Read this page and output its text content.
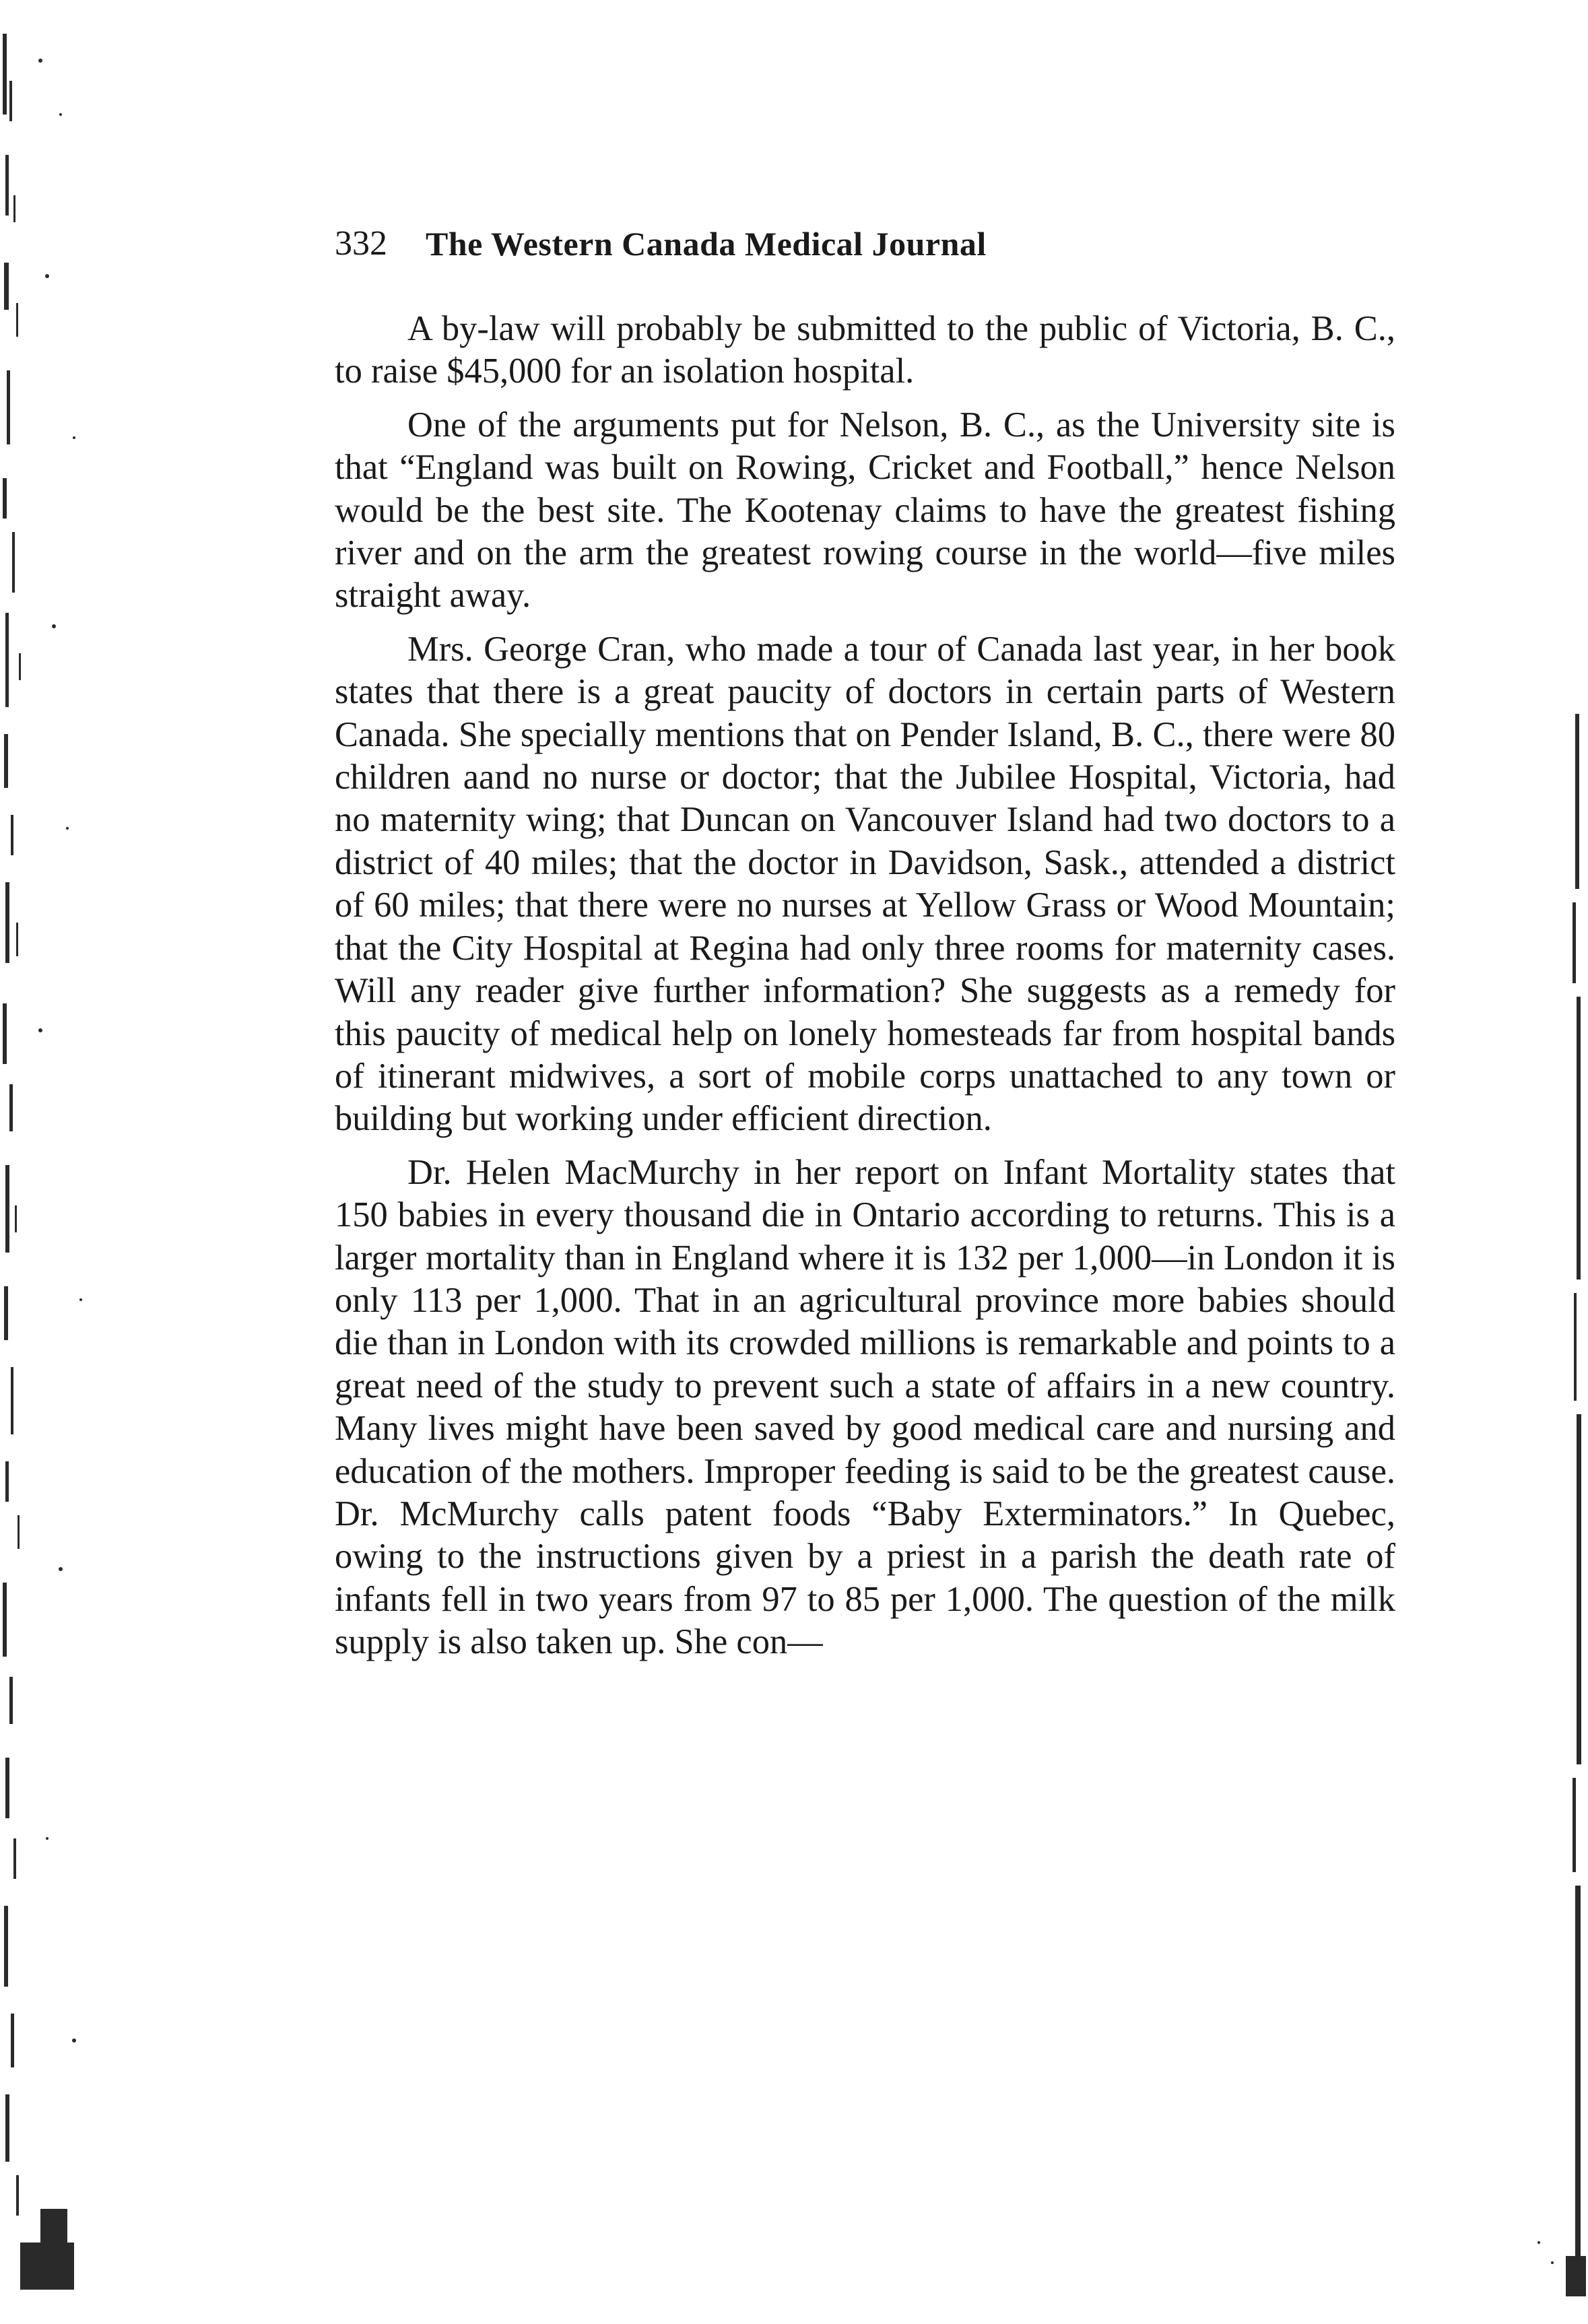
332 The Western Canada Medical Journal

A by-law will probably be submitted to the public of Victoria, B. C., to raise $45,000 for an isolation hospital.

One of the arguments put for Nelson, B. C., as the University site is that “England was built on Rowing, Cricket and Football,” hence Nelson would be the best site. The Kootenay claims to have the greatest fishing river and on the arm the greatest rowing course in the world—five miles straight away.

Mrs. George Cran, who made a tour of Canada last year, in her book states that there is a great paucity of doctors in certain parts of Western Canada. She specially mentions that on Pender Island, B. C., there were 80 children aand no nurse or doctor; that the Jubilee Hospital, Victoria, had no maternity wing; that Duncan on Vancouver Island had two doctors to a district of 40 miles; that the doctor in Davidson, Sask., attended a district of 60 miles; that there were no nurses at Yellow Grass or Wood Mountain; that the City Hospital at Regina had only three rooms for maternity cases. Will any reader give further information? She suggests as a remedy for this paucity of medical help on lonely homesteads far from hospital bands of itinerant midwives, a sort of mobile corps unattached to any town or building but working under efficient direction.

Dr. Helen MacMurchy in her report on Infant Mortality states that 150 babies in every thousand die in Ontario according to returns. This is a larger mortality than in England where it is 132 per 1,000—in London it is only 113 per 1,000. That in an agricultural province more babies should die than in London with its crowded millions is remarkable and points to a great need of the study to prevent such a state of affairs in a new country. Many lives might have been saved by good medical care and nursing and education of the mothers. Improper feeding is said to be the greatest cause. Dr. McMurchy calls patent foods “Baby Exterminators.” In Quebec, owing to the instructions given by a priest in a parish the death rate of infants fell in two years from 97 to 85 per 1,000. The question of the milk supply is also taken up. She con—
